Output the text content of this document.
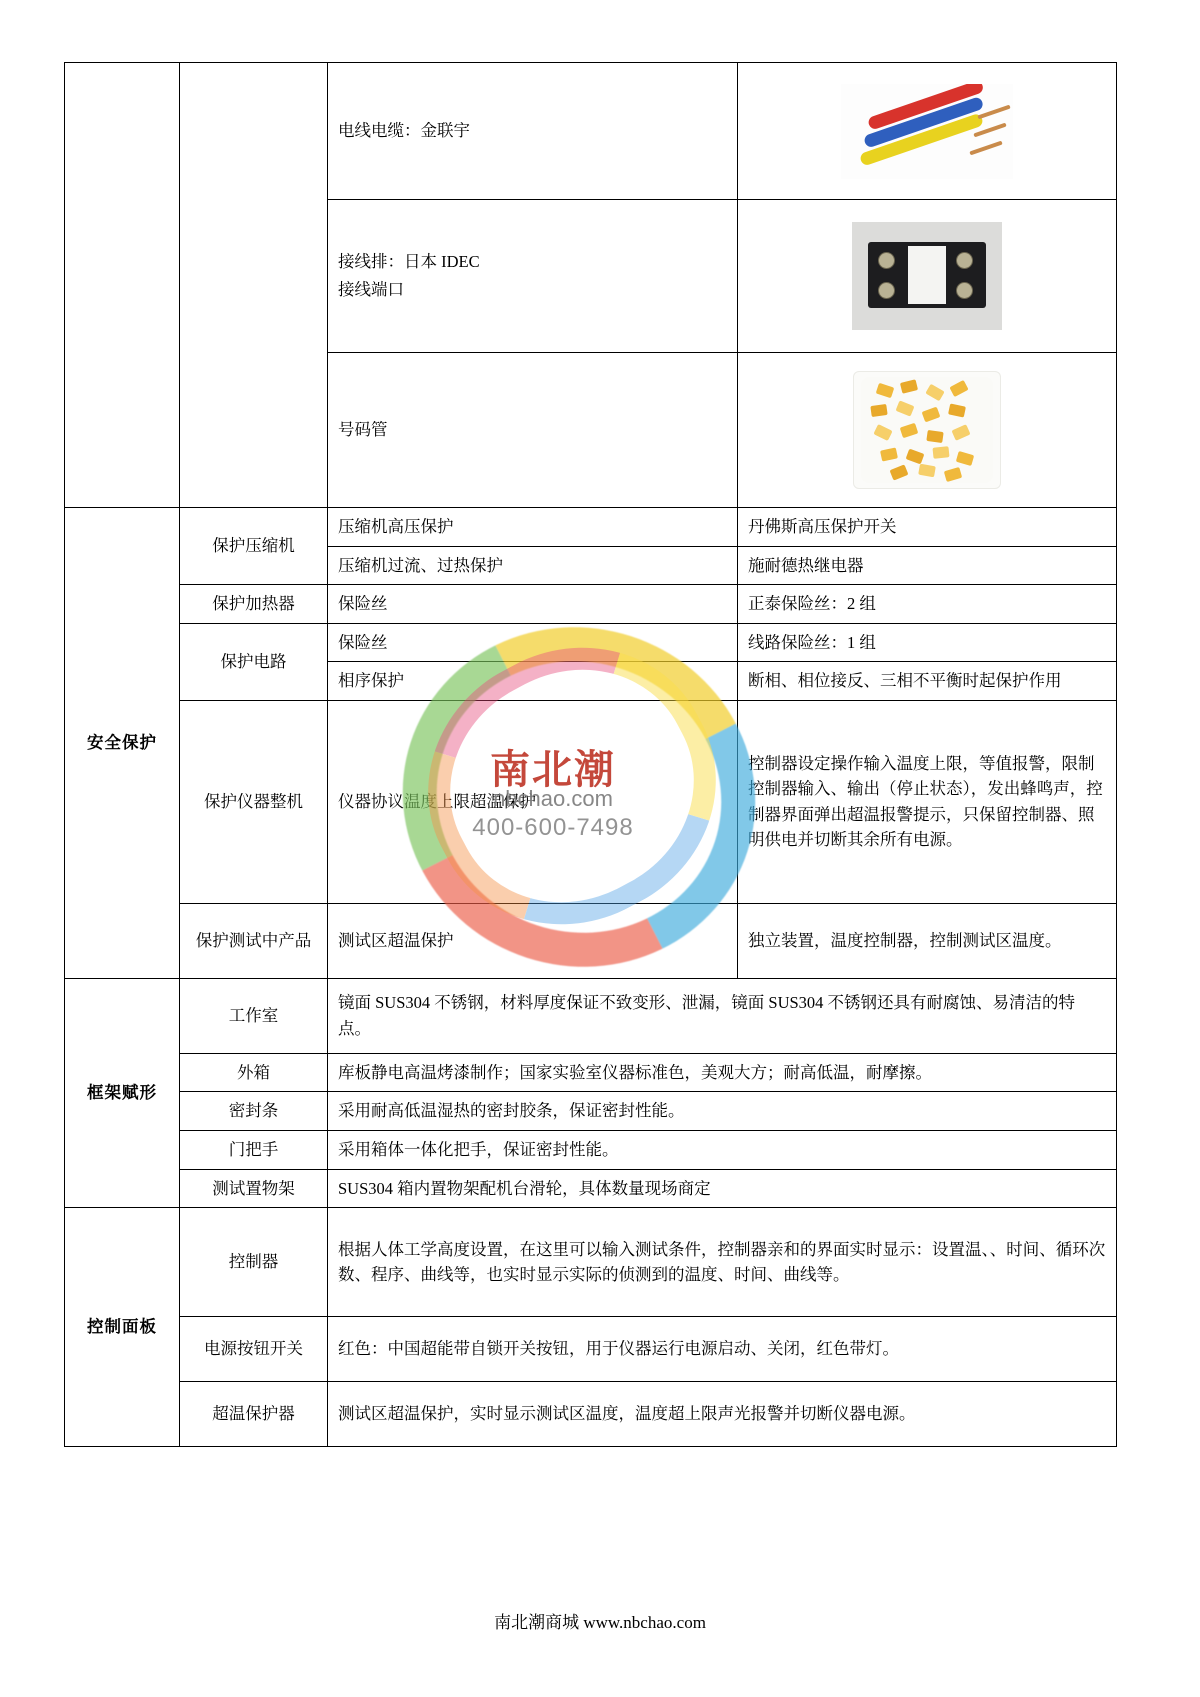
		电线电缆：金联宇	

		接线排：日本 IDEC
接线端口	

		号码管	

安全保护	保护压缩机	压缩机高压保护	丹佛斯高压保护开关
		压缩机过流、过热保护	施耐德热继电器
	保护加热器	保险丝	正泰保险丝：2 组
	保护电路	保险丝	线路保险丝：1 组
		相序保护	断相、相位接反、三相不平衡时起保护作用
	保护仪器整机	仪器协议温度上限超温保护	控制器设定操作输入温度上限，等值报警，限制控制器输入、输出（停止状态），发出蜂鸣声，控制器界面弹出超温报警提示，只保留控制器、照明供电并切断其余所有电源。
	保护测试中产品	测试区超温保护	独立装置，温度控制器，控制测试区温度。
框架赋形	工作室	镜面 SUS304 不锈钢，材料厚度保证不致变形、泄漏，镜面 SUS304 不锈钢还具有耐腐蚀、易清洁的特点。	
	外箱	库板静电高温烤漆制作；国家实验室仪器标准色，美观大方；耐高低温，耐摩擦。	
	密封条	采用耐高低温湿热的密封胶条，保证密封性能。	
	门把手	采用箱体一体化把手，保证密封性能。	
	测试置物架	SUS304 箱内置物架配机台滑轮，具体数量现场商定	
控制面板	控制器	根据人体工学高度设置，在这里可以输入测试条件，控制器亲和的界面实时显示：设置温、、时间、循环次数、程序、曲线等，也实时显示实际的侦测到的温度、时间、曲线等。	
	电源按钮开关	红色：中国超能带自锁开关按钮，用于仪器运行电源启动、关闭，红色带灯。	
	超温保护器	测试区超温保护，实时显示测试区温度，温度超上限声光报警并切断仪器电源。	
南北潮
nbchao.com
400-600-7498
南北潮商城 www.nbchao.com
